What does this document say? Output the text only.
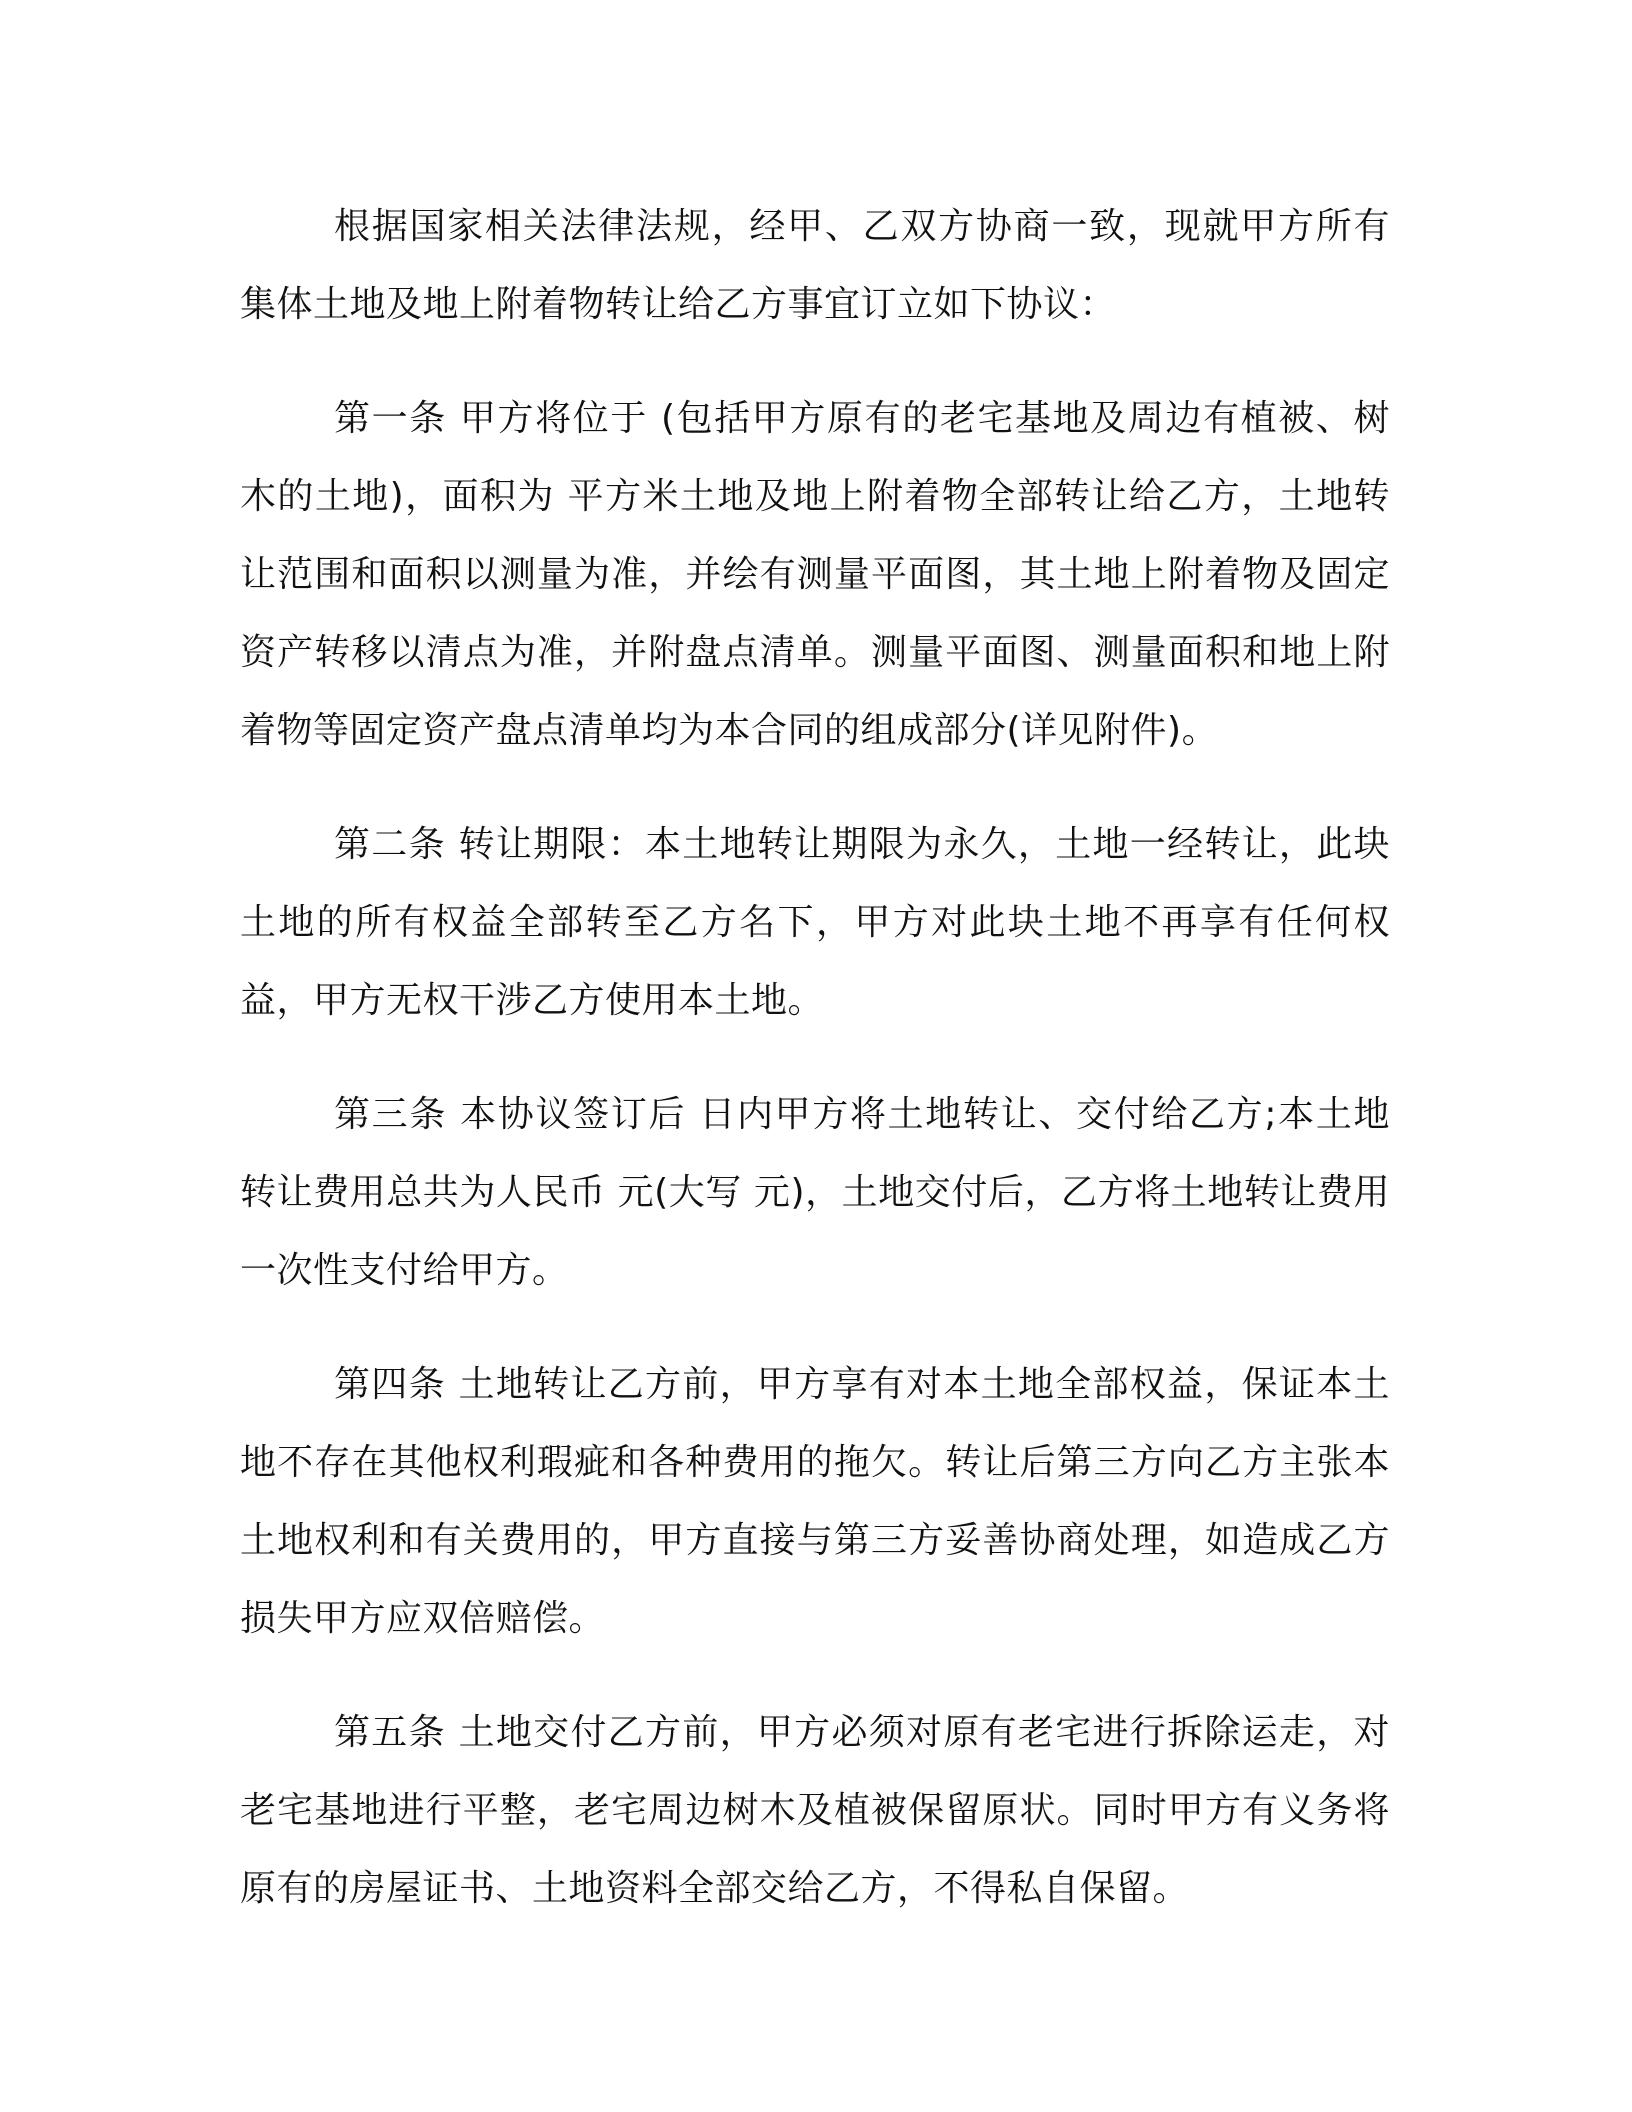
根据国家相关法律法规，经甲、乙双方协商一致，现就甲方所有集体土地及地上附着物转让给乙方事宜订立如下协议：

第一条 甲方将位于 (包括甲方原有的老宅基地及周边有植被、树木的土地)，面积为 平方米土地及地上附着物全部转让给乙方，土地转让范围和面积以测量为准，并绘有测量平面图，其土地上附着物及固定资产转移以清点为准，并附盘点清单。测量平面图、测量面积和地上附着物等固定资产盘点清单均为本合同的组成部分(详见附件)。

第二条 转让期限：本土地转让期限为永久，土地一经转让，此块土地的所有权益全部转至乙方名下，甲方对此块土地不再享有任何权益，甲方无权干涉乙方使用本土地。

第三条 本协议签订后 日内甲方将土地转让、交付给乙方;本土地转让费用总共为人民币 元(大写 元)，土地交付后，乙方将土地转让费用一次性支付给甲方。

第四条 土地转让乙方前，甲方享有对本土地全部权益，保证本土地不存在其他权利瑕疵和各种费用的拖欠。转让后第三方向乙方主张本土地权利和有关费用的，甲方直接与第三方妥善协商处理，如造成乙方损失甲方应双倍赔偿。

第五条 土地交付乙方前，甲方必须对原有老宅进行拆除运走，对老宅基地进行平整，老宅周边树木及植被保留原状。同时甲方有义务将原有的房屋证书、土地资料全部交给乙方，不得私自保留。
